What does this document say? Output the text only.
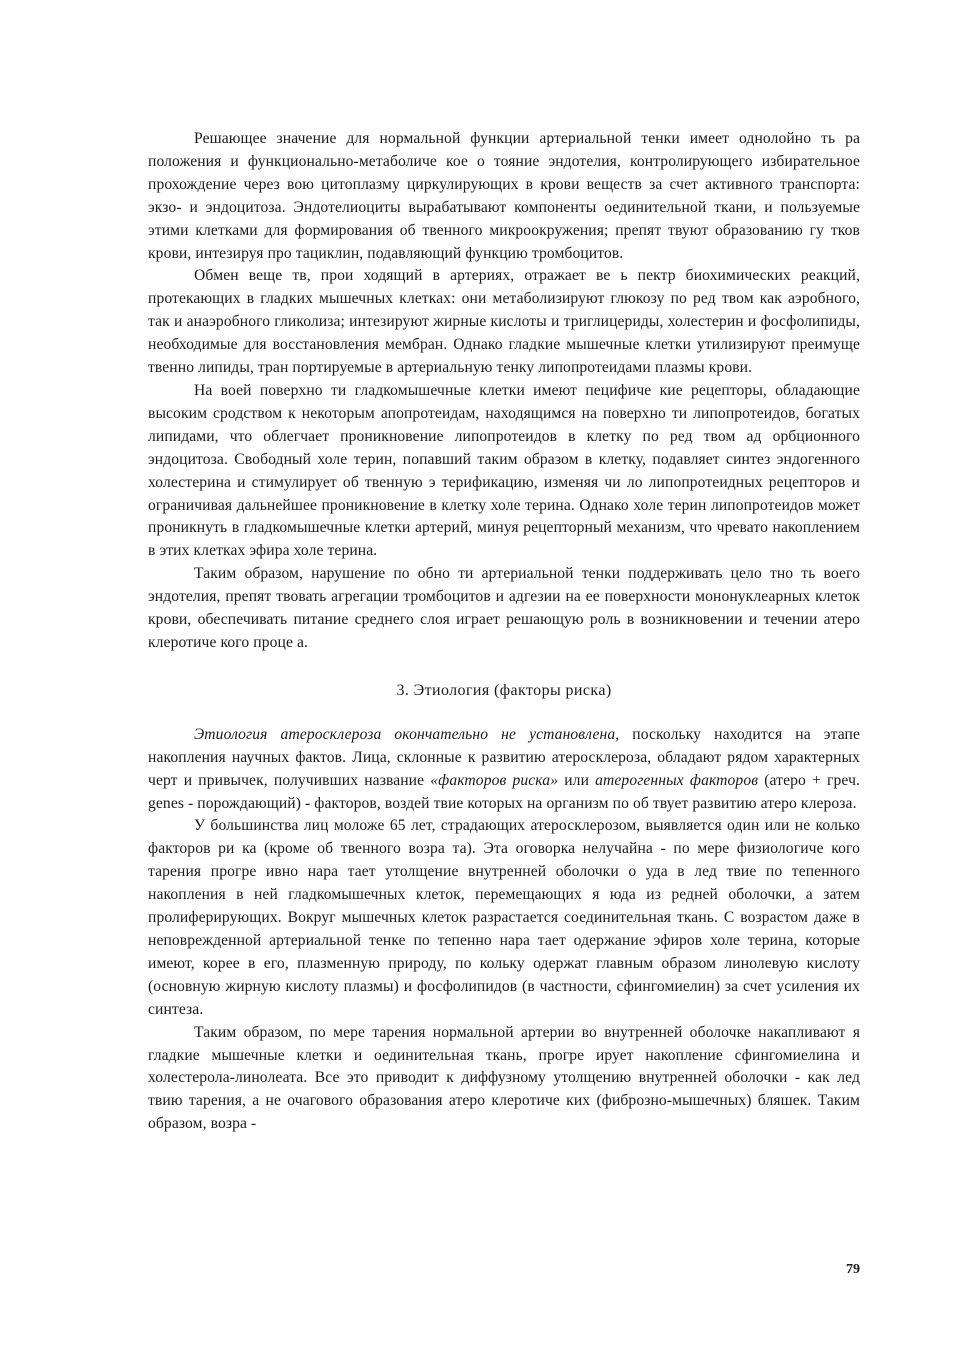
Решающее значение для нормальной функции артериальной тенки имеет однолойно ть ра положения и функционально-метаболиче кое о тояние эндотелия, контролирующего избирательное прохождение через вою цитоплазму циркулирующих в крови веществ за счет активного транспорта: экзо- и эндоцитоза. Эндотелиоциты вырабатывают компоненты оединительной ткани, и пользуемые этими клетками для формирования об твенного микроокружения; препят твуют образованию гу тков крови, интезируя про тациклин, подавляющий функцию тромбоцитов.

Обмен веще тв, прои ходящий в артериях, отражает ве ь пектр биохимических реакций, протекающих в гладких мышечных клетках: они метаболизируют глюкозу по ред твом как аэробного, так и анаэробного гликолиза; интезируют жирные кислоты и триглицериды, холестерин и фосфолипиды, необходимые для восстановления мембран. Однако гладкие мышечные клетки утилизируют преимуще твенно липиды, тран портируемые в артериальную тенку липопротеидами плазмы крови.

На воей поверхно ти гладкомышечные клетки имеют пецифиче кие рецепторы, обладающие высоким сродством к некоторым апопротеидам, находящимся на поверхно ти липопротеидов, богатых липидами, что облегчает проникновение липопротеидов в клетку по ред твом ад орбционного эндоцитоза. Свободный холе терин, попавший таким образом в клетку, подавляет синтез эндогенного холестерина и стимулирует об твенную э терификацию, изменяя чи ло липопротеидных рецепторов и ограничивая дальнейшее проникновение в клетку холе терина. Однако холе терин липопротеидов может проникнуть в гладкомышечные клетки артерий, минуя рецепторный механизм, что чревато накоплением в этих клетках эфира холе терина.

Таким образом, нарушение по обно ти артериальной тенки поддерживать цело тно ть воего эндотелия, препят твовать агрегации тромбоцитов и адгезии на ее поверхности мононуклеарных клеток крови, обеспечивать питание среднего слоя играет решающую роль в возникновении и течении атеро клеротиче кого проце а.

3. Этиология (факторы риска)

Этиология атеросклероза окончательно не установлена, поскольку находится на этапе накопления научных фактов. Лица, склонные к развитию атеросклероза, обладают рядом характерных черт и привычек, получивших название «факторов риска» или атерогенных факторов (атеро + греч. genes - порождающий) - факторов, воздей твие которых на организм по об твует развитию атеро клероза.

У большинства лиц моложе 65 лет, страдающих атеросклерозом, выявляется один или не колько факторов ри ка (кроме об твенного возра та). Эта оговорка нелучайна - по мере физиологиче кого тарения прогре ивно нара тает утолщение внутренней оболочки о уда в лед твие по тепенного накопления в ней гладкомышечных клеток, перемещающих я юда из редней оболочки, а затем пролиферирующих. Вокруг мышечных клеток разрастается соединительная ткань. С возрастом даже в неповрежденной артериальной тенке по тепенно нара тает одержание эфиров холе терина, которые имеют, корее в его, плазменную природу, по кольку одержат главным образом линолевую кислоту (основную жирную кислоту плазмы) и фосфолипидов (в частности, сфингомиелин) за счет усиления их синтеза.

Таким образом, по мере тарения нормальной артерии во внутренней оболочке накапливают я гладкие мышечные клетки и оединительная ткань, прогре ирует накопление сфингомиелина и холестерола-линолеата. Все это приводит к диффузному утолщению внутренней оболочки - как лед твию тарения, а не очагового образования атеро клеротиче ких (фиброзно-мышечных) бляшек. Таким образом, возра -

79
